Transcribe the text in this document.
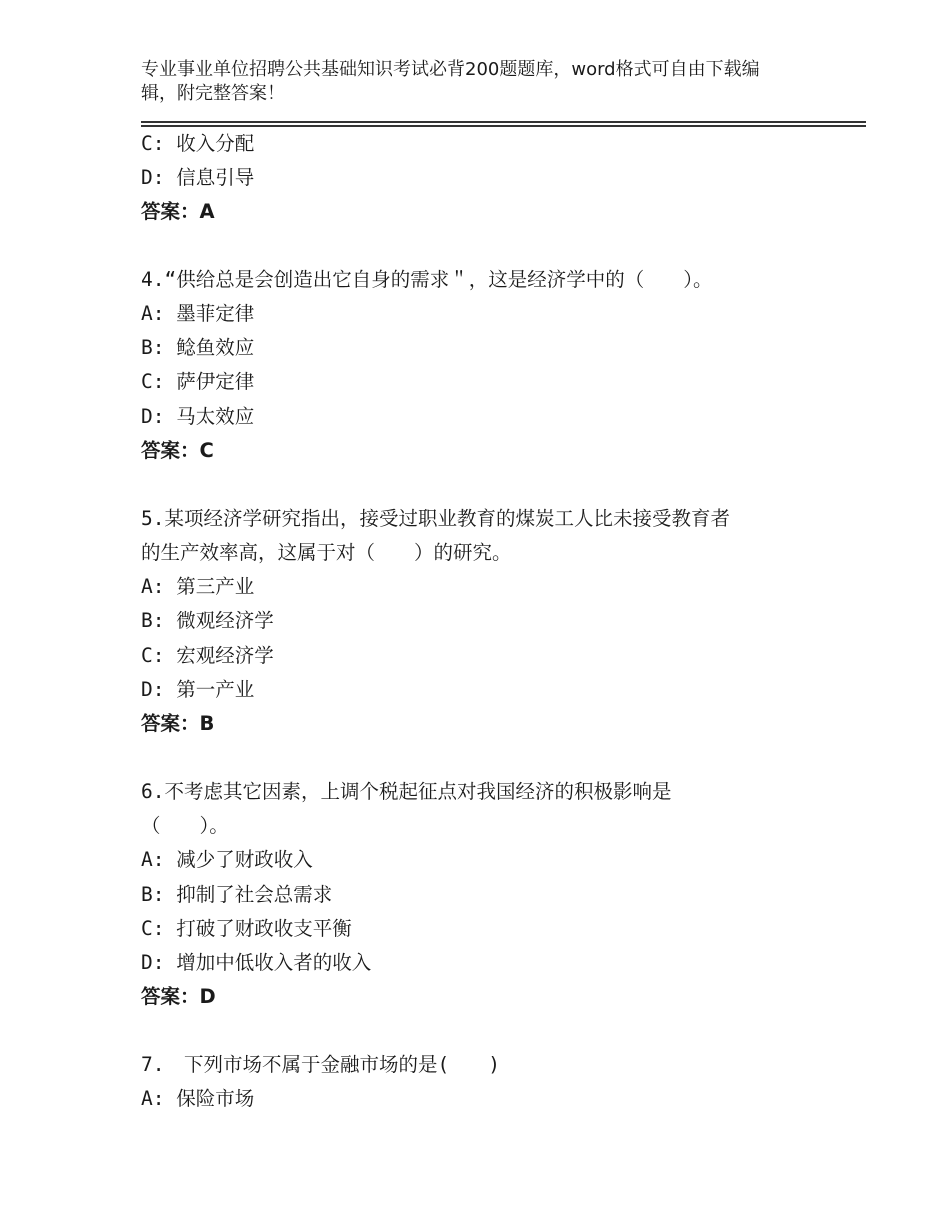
专业事业单位招聘公共基础知识考试必背200题题库，word格式可自由下载编辑，附完整答案！
C: 收入分配
D: 信息引导
答案：A
4.“供给总是会创造出它自身的需求＂，这是经济学中的（　　）。
A: 墨菲定律
B: 鲶鱼效应
C: 萨伊定律
D: 马太效应
答案：C
5.某项经济学研究指出，接受过职业教育的煤炭工人比未接受教育者
的生产效率高，这属于对（　　）的研究。
A: 第三产业
B: 微观经济学
C: 宏观经济学
D: 第一产业
答案：B
6.不考虑其它因素，上调个税起征点对我国经济的积极影响是
（　　）。
A: 减少了财政收入
B: 抑制了社会总需求
C: 打破了财政收支平衡
D: 增加中低收入者的收入
答案：D
7.　下列市场不属于金融市场的是(　　)
A: 保险市场
